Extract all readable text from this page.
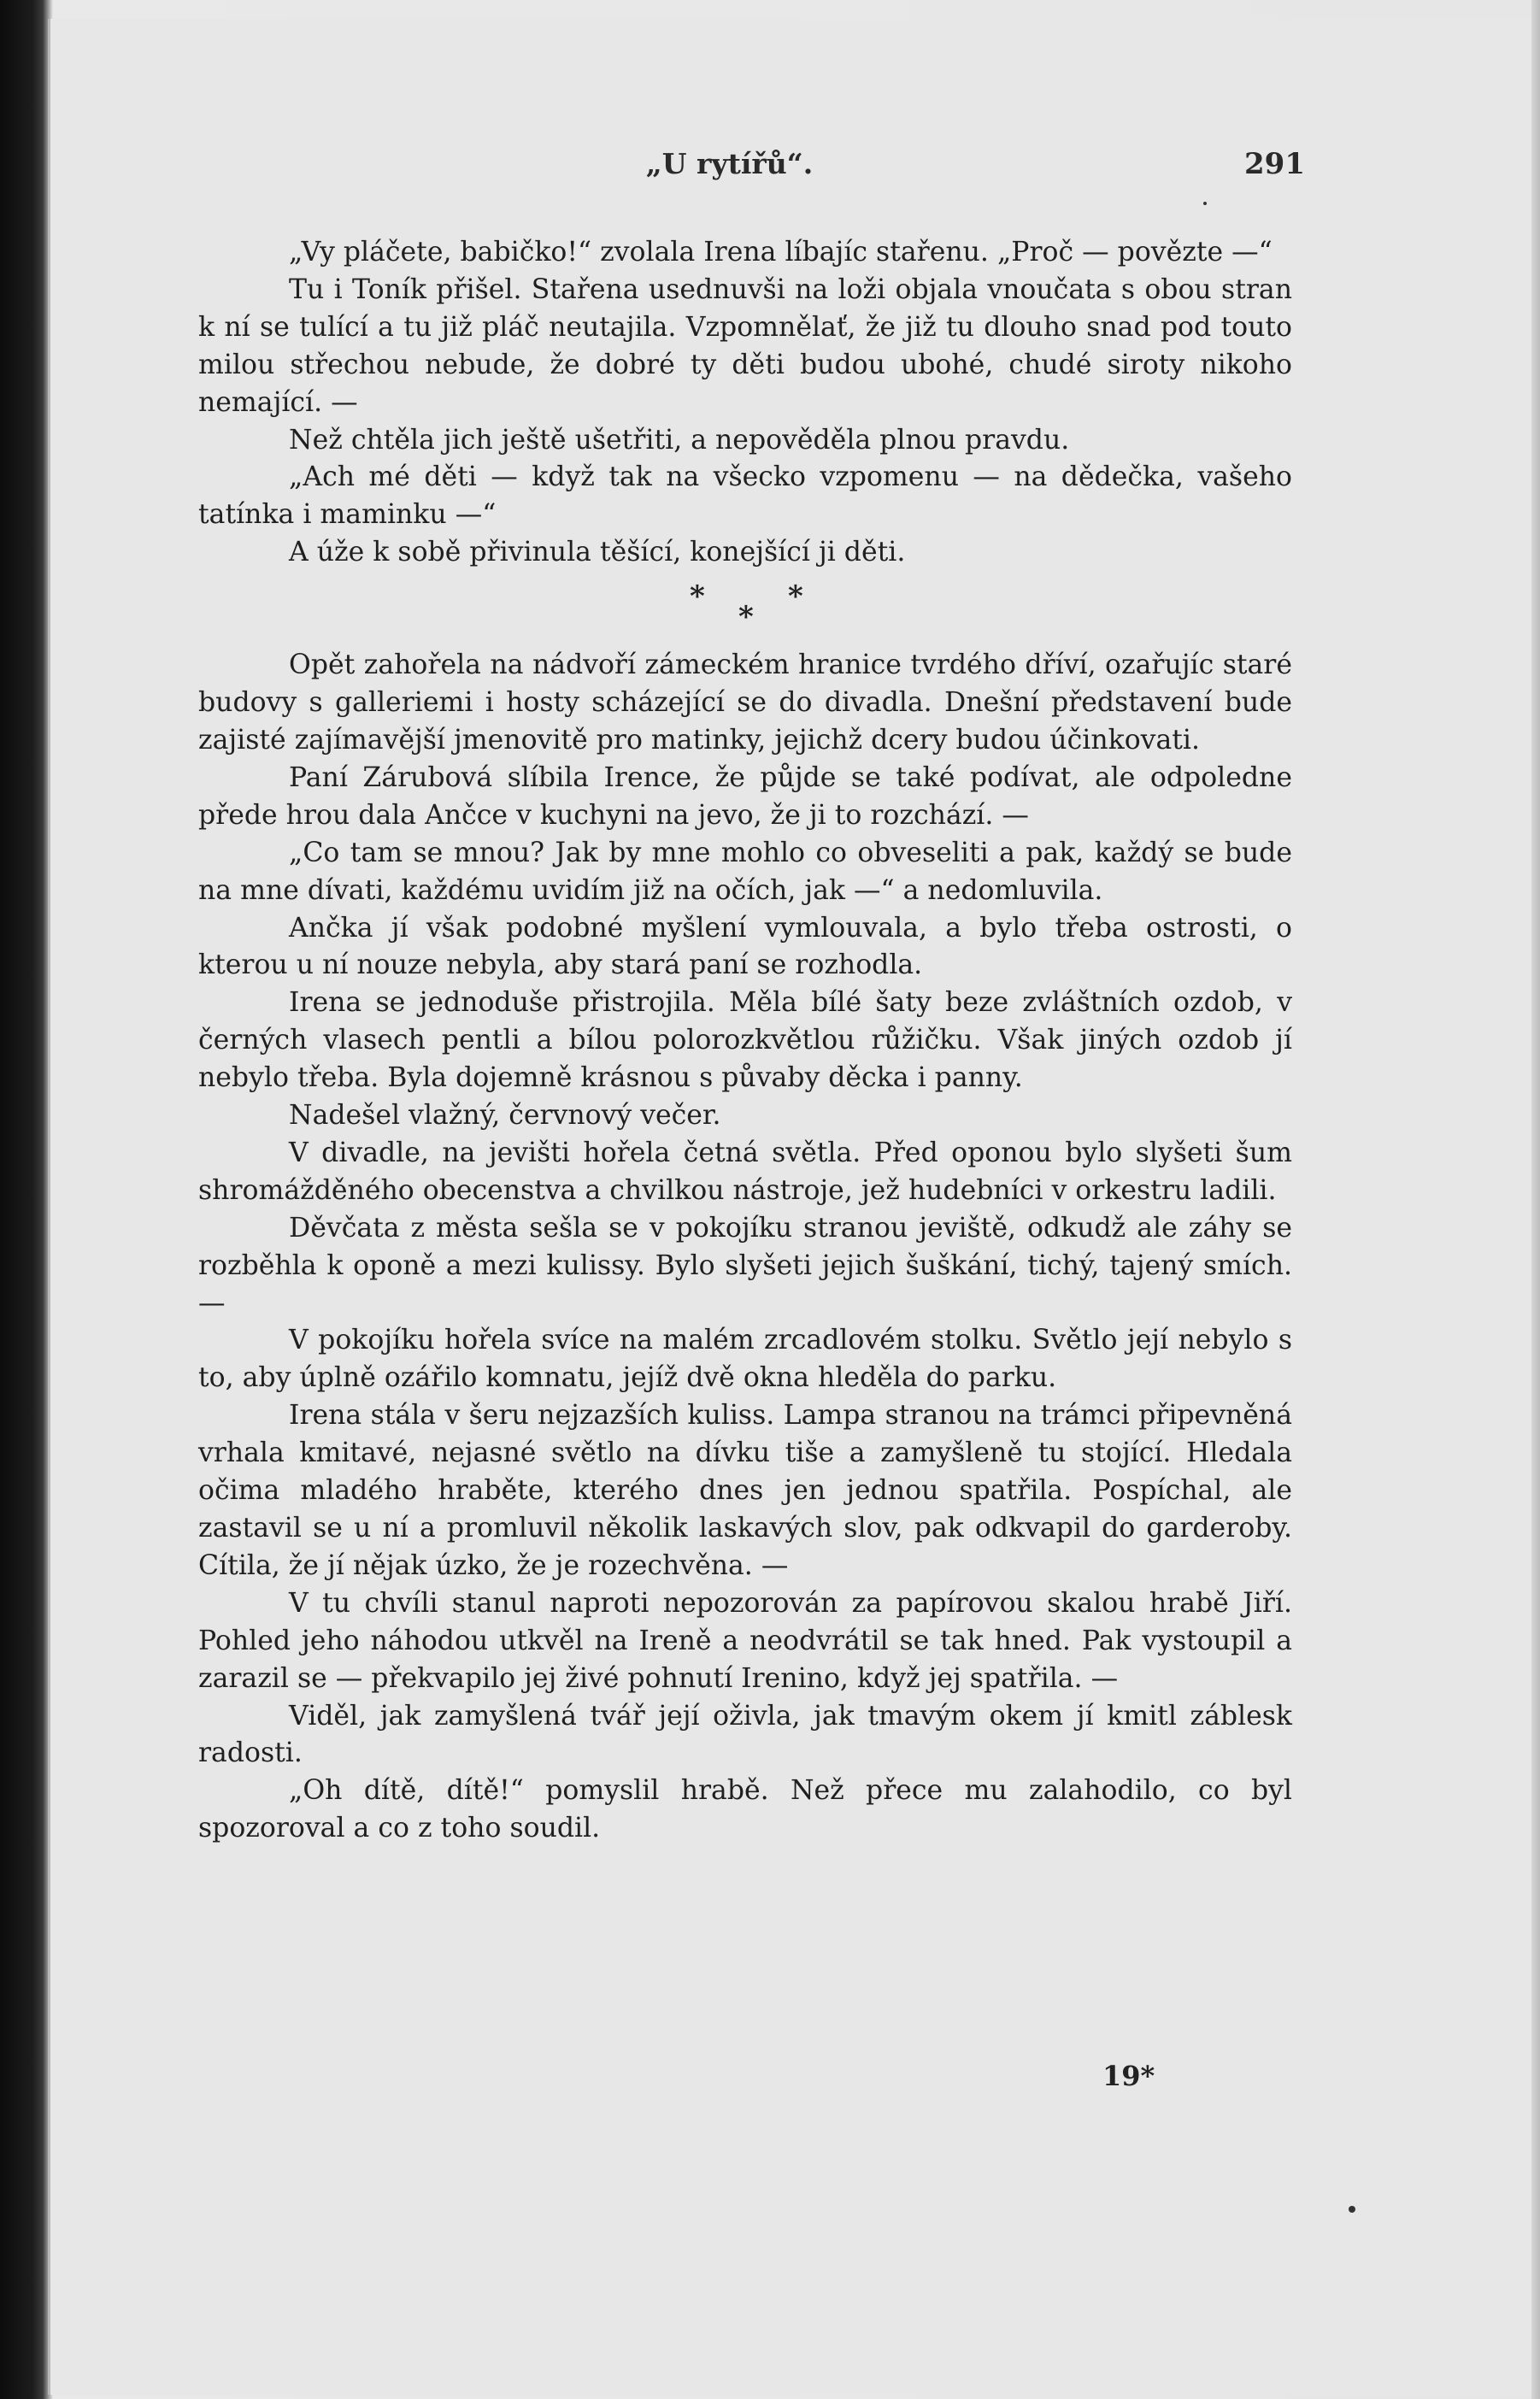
„U rytířů“.	291

„Vy pláčete, babičko!“ zvolala Irena líbajíc stařenu. „Proč — povězte —“

Tu i Toník přišel. Stařena usednuvši na loži objala vnoučata s obou stran k ní se tulící a tu již pláč neutajila. Vzpomnělať, že již tu dlouho snad pod touto milou střechou nebude, že dobré ty děti budou ubohé, chudé siroty nikoho nemající. —

Než chtěla jich ještě ušetřiti, a nepověděla plnou pravdu.

„Ach mé děti — když tak na všecko vzpomenu — na dědečka, vašeho tatínka i maminku —“

A úže k sobě přivinula těšící, konejšící ji děti.

*
*
*

Opět zahořela na nádvoří zámeckém hranice tvrdého dříví, ozařujíc staré budovy s galleriemi i hosty scházející se do divadla. Dnešní představení bude zajisté zajímavější jmenovitě pro matinky, jejichž dcery budou účinkovati.

Paní Zárubová slíbila Irence, že půjde se také podívat, ale odpoledne přede hrou dala Ančce v kuchyni na jevo, že ji to rozchází. —

„Co tam se mnou? Jak by mne mohlo co obveseliti a pak, každý se bude na mne dívati, každému uvidím již na očích, jak —“ a nedomluvila.

Ančka jí však podobné myšlení vymlouvala, a bylo třeba ostrosti, o kterou u ní nouze nebyla, aby stará paní se rozhodla.

Irena se jednoduše přistrojila. Měla bílé šaty beze zvláštních ozdob, v černých vlasech pentli a bílou polorozkvětlou růžičku. Však jiných ozdob jí nebylo třeba. Byla dojemně krásnou s půvaby děcka i panny.

Nadešel vlažný, červnový večer.

V divadle, na jevišti hořela četná světla. Před oponou bylo slyšeti šum shromážděného obecenstva a chvilkou nástroje, jež hudebníci v orkestru ladili.

Děvčata z města sešla se v pokojíku stranou jeviště, odkudž ale záhy se rozběhla k oponě a mezi kulissy. Bylo slyšeti jejich šuškání, tichý, tajený smích. —

V pokojíku hořela svíce na malém zrcadlovém stolku. Světlo její nebylo s to, aby úplně ozářilo komnatu, jejíž dvě okna hleděla do parku.

Irena stála v šeru nejzazších kuliss. Lampa stranou na trámci připevněná vrhala kmitavé, nejasné světlo na dívku tiše a zamyšleně tu stojící. Hledala očima mladého hraběte, kterého dnes jen jednou spatřila. Pospíchal, ale zastavil se u ní a promluvil několik laskavých slov, pak odkvapil do garderoby. Cítila, že jí nějak úzko, že je rozechvěna. —

V tu chvíli stanul naproti nepozorován za papírovou skalou hrabě Jiří. Pohled jeho náhodou utkvěl na Ireně a neodvrátil se tak hned. Pak vystoupil a zarazil se — překvapilo jej živé pohnutí Irenino, když jej spatřila. —

Viděl, jak zamyšlená tvář její oživla, jak tmavým okem jí kmitl záblesk radosti.

„Oh dítě, dítě!“ pomyslil hrabě. Než přece mu zalahodilo, co byl spozoroval a co z toho soudil.

19*
